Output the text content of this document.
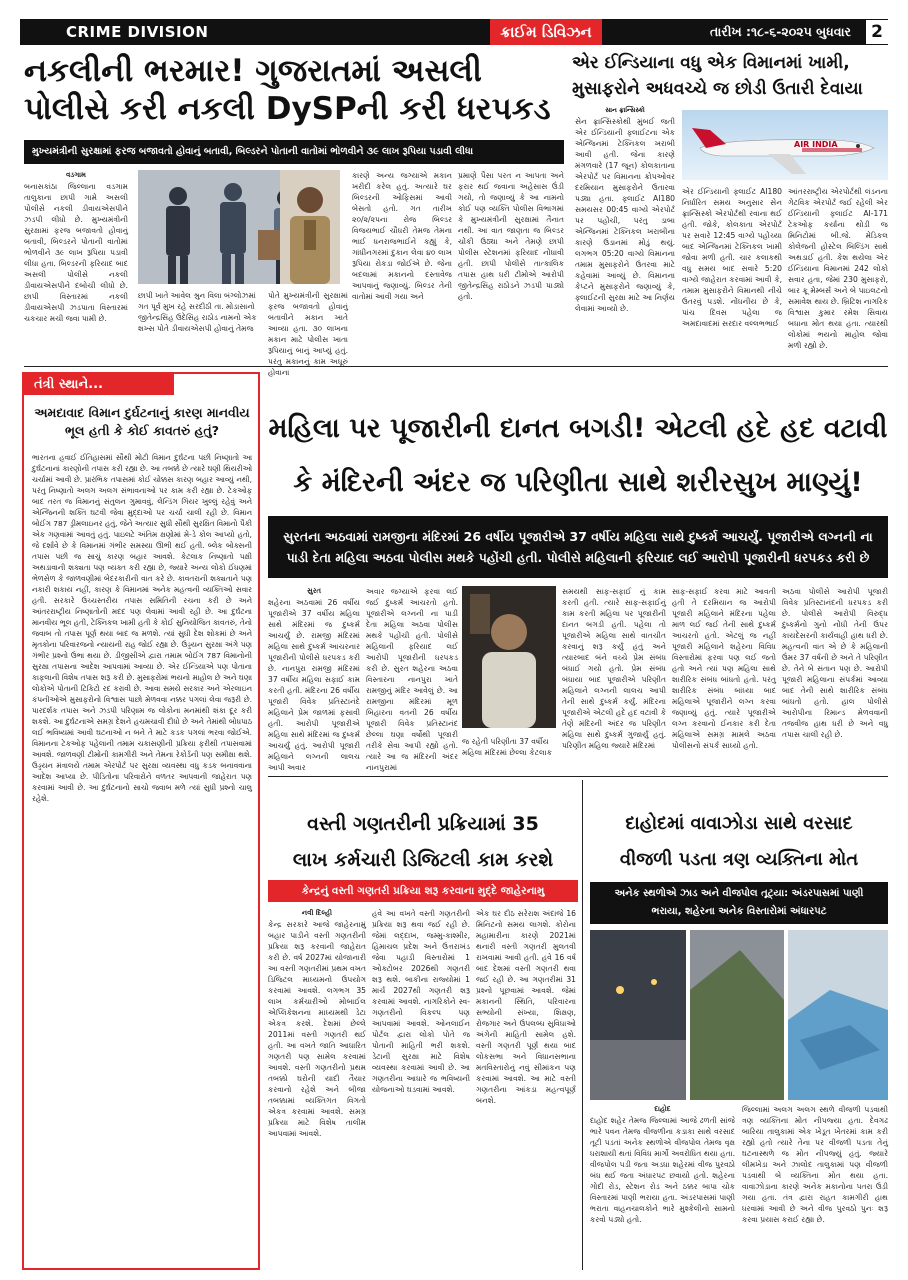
CRIME DIVISION	ક્રાઈમ ડિવિઝન	તારીખ :૧૮-૬-૨૦૨૫ બુધવાર 2
નકલીની ભરમાર! ગુજરાતમાં અસલી
પોલીસે કરી નકલી DySPની કરી ધરપકડ
મુખ્યમંત્રીની સુરક્ષામાં ફરજ બજાવતો હોવાનું બતાવી, બિલ્ડરને પોતાની વાતોમાં ભોળવીને ૩૯ લાખ રૂપિયા પડાવી લીધા
વડગામ
બનાસકાંઠા જિલ્લાના વડગામ તાલુકાના છાપી ગામે અસલી પોલીસે નકલી ડીવાયએસપીને ઝડપી લીધો છે. મુખ્યમંત્રીની સુરક્ષામાં ફરજ બજાવતો હોવાનું બતાવી, બિલ્ડરને પોતાની વાતોમાં ભોળવીને ૩૯ લાખ રૂપિયા પડાવી લીધા હતા. બિલ્ડરની ફરિયાદ બાદ અસલી પોલીસે નકલી ડીવાયએસપીને દબોચી લીધો છે. છાપી વિસ્તારમાં નકલી ડીવાયએસપી ઝડપાતા વિસ્તારમાં ચકચાર મચી જવા પામી છે.
છાપી ખાતે આવેલ શ્રુન વિલા બંગ્લોઝમાં ગત પૂર્વ મુખ રહે સરદીઠી તા. મોડાસાનો જીતેન્દ્રસિંહ ઉદેસિંહ રાઠોડ નામનો એક શખ્સ પોતે ડીવાયએસપી હોવાનું તેમજ
પોતે મુખ્યમંત્રીની સુરક્ષામાં ફરજ બજાવતો હોવાનું બતાવીને મકાન ખાતે આવ્યા હતા. ૩૦ લાખના મકાન માટે પોલીસ ખાતા રૂપિયાનું બાનું આપ્યું હતું. પરંતુ મકાનનું કામ અધૂરું હોવાના
કારણે અન્ય જગ્યાએ મકાન ખરીદી કરેલ હતું. અત્યારે ઘર બિલ્ડરની ઓફિસમાં આવી બેસતો હતો. ગત તારીખ ૨૦/૨/૨૫ના રોજ બિલ્ડર વિજયભાઈ ચૌધરી તેમજ તેમના ભાઈ ધનરાજભાઈને કહ્યું કે, ગાંધીનગરમાં દુકાન લેવા ૪૦ લાખ રૂપિયા રોકડા જોઈએ છે. જેના બદલામાં મકાનનો દસ્તાવેજ આપવાનું જણાવ્યું. બિલ્ડર તેની વાતોમાં આવી ગયા અને
પ્રમાણે પૈસા પરત ન આપતા અને ફરાર થઈ જવાના અહેસાસ ઉંડી ગયો, તો જણાવ્યું કે આ નામનો કોઈ પણ વ્યક્તિ પોલીસ વિભાગમાં કે મુખ્યમંત્રીની સુરક્ષામાં તૈનાત નથી. આ વાત જાણતા જ બિલ્ડર ચોંકી ઉઠ્યા અને તેમણે છાપી પોલીસ સ્ટેશનમાં ફરિયાદ નોંધાવી હતી. છાપી પોલીસે તાત્કાલિક તપાસ હાથ ધરી ટીમોએ આરોપી જીતેન્દ્રસિંહ રાઠોડને ઝડપી પાડ્યો હતો.
એર ઈન્ડિયાના વધુ એક વિમાનમાં ખામી, મુસાફરોને અધવચ્ચે જ છોડી ઉતારી દેવાયા
સાન ફ્રાન્સિસ્કો
સેન ફ્રાન્સિસ્કોથી મુંબઈ જતી એર ઈન્ડિયાની ફ્લાઈટના એક એન્જિનમાં ટેક્નિકલ ખરાબી આવી હતી. જેના કારણે મંગળવારે (17 જૂન) કોલકાતાના એરપોર્ટ પર વિમાનના ક્રોપઓવર દરમિયાન મુસાફરોને ઉતારવા પડ્યા હતા. ફ્લાઈટ AI180 સમયસર 00:45 વાગ્યે એરપોર્ટ પર પહોંચી, પરંતુ ડાબા એન્જિનમાં ટેક્નિકલ ખરાબીના કારણે ઉડાનમાં મોડું થયું. લગભગ 05:20 વાગ્યે વિમાનના તમામ મુસાફરોને ઉતરવા માટે કહેવામાં આવ્યું છે. વિમાનના કેપ્ટને મુસાફરોને જણાવ્યું કે, ફ્લાઈટની સુરક્ષા માટે આ નિર્ણય લેવામાં આવ્યો છે.
AIR INDIA
એર ઈન્ડિયાની ફ્લાઈટ AI180 નિર્ધારિત સમય અનુસાર સેન ફ્રાન્સિસ્કો એરપોર્ટથી રવાના થઈ હતી. જોકે, કોલકાતા એરપોર્ટ પર સવારે 12:45 વાગ્યે પહોંચ્યા બાદ એન્જિનમાં ટેક્નિકલ ખામી જોવા મળી હતી. ચાર કલાકથી વધુ સમય બાદ સવારે 5:20 વાગ્યે જાહેરાત કરવામાં આવી કે, તમામ મુસાફરોને વિમાનથી નીચે ઉતરવું પડશે. નોંધનીય છે કે, પાંચ દિવસ પહેલા જ અમદાવાદમાં સરદાર વલ્લભભાઈ
આંતરરાષ્ટ્રીય એરપોર્ટથી લંડનના ગેટવિક એરપોર્ટ જઈ રહેલી એર ઈન્ડિયાની ફ્લાઈટ AI-171 ટેકઓફ કર્યાના થોડી જ મિનિટોમાં બી.જે. મેડિકલ કોલેજની હોસ્ટેલ બિલ્ડિંગ સાથે અથડાઈ હતી. કેશ થયેલા એર ઈન્ડિયાના વિમાનમાં 242 લોકો સવાર હતા, જેમાં 230 મુસાફરો, બાર ક્રૂ મેમ્બર્સ અને બે પાઇલટનો સમાવેશ થાય છે. બ્રિટિશ નાગરિક વિશ્વાસ કુમાર રમેશ સિવાય બધાના મોત થયા હતા. ત્યારથી લોકોમાં ભયનો માહોલ જોવા મળી રહ્યો છે.
તંત્રી સ્થાને...
અમદાવાદ વિમાન દુર્ઘટનાનું કારણ માનવીય ભૂલ હતી કે કોઈ કાવતરું હતું?
ભારતના હવાઈ ઈતિહાસમાં સૌથી મોટી વિમાન દુર્ઘટના પછી નિષ્ણાતો આ દુર્ઘટનાનાં કારણોની તપાસ કરી રહ્યા છે. આ તબક્કે છે ત્યારે ઘણી થિયરીઓ ચર્ચામાં આવી છે. પ્રારંભિક તપાસમાં કોઈ ચોક્કસ કારણ બહાર આવ્યું નથી, પરંતુ નિષ્ણાતો અલગ અલગ સંભાવનાઓ પર કામ કરી રહ્યા છે. ટેકઓફ બાદ તરત જ વિમાનનું સંતુલન ગુમાવવું, લેન્ડિંગ ગિયર ખુલ્લું રહેવું અને એન્જિનની શક્તિ ઘટવી જેવા મુદ્દાઓ પર ચર્ચા ચાલી રહી છે. વિમાન બોઈંગ 787 ડ્રીમલાઇનર હતું, જેને અત્યાર સુધી સૌથી સુરક્ષિત વિમાનો પૈકી એક ગણવામાં આવતું હતું. પાઇલટે અંતિમ ક્ષણોમાં મે-ડે કોલ આપ્યો હતો, જે દર્શાવે છે કે વિમાનમાં ગંભીર સમસ્યા ઊભી થઈ હતી. બ્લેક બોક્સની તપાસ પછી જ સાચું કારણ બહાર આવશે. કેટલાક નિષ્ણાતો પક્ષી અથડાવાની શક્યતા પણ વ્યક્ત કરી રહ્યા છે, જ્યારે અન્ય લોકો ઈંધણમાં ભેળસેળ કે જાળવણીમાં બેદરકારીની વાત કરે છે. કાવતરાની શક્યતાને પણ નકારી શકાય નહીં, કારણ કે વિમાનમાં અનેક મહત્વની વ્યક્તિઓ સવાર હતી. સરકારે ઉચ્ચસ્તરીય તપાસ સમિતિની રચના કરી છે અને આંતરરાષ્ટ્રીય નિષ્ણાતોની મદદ પણ લેવામાં આવી રહી છે. આ દુર્ઘટના માનવીય ભૂલ હતી, ટેક્નિકલ ખામી હતી કે કોઈ સુનિયોજિત કાવતરું, તેનો જવાબ તો તપાસ પૂર્ણ થયા બાદ જ મળશે. ત્યાં સુધી દેશ શોકમાં છે અને મૃતકોના પરિવારજનો ન્યાયની રાહ જોઈ રહ્યા છે. ઉડ્ડયન સુરક્ષા અંગે પણ ગંભીર પ્રશ્નો ઉભા થયા છે. ડીજીસીએ દ્વારા તમામ બોઈંગ 787 વિમાનોની સુરક્ષા તપાસના આદેશ આપવામાં આવ્યા છે. એર ઈન્ડિયાએ પણ પોતાના કાફલાની વિશેષ તપાસ શરૂ કરી છે. મુસાફરોમાં ભયનો માહોલ છે અને ઘણા લોકોએ પોતાની ટિકિટો રદ કરાવી છે. આવા સમયે સરકાર અને એરલાઇન કંપનીઓએ મુસાફરોનો વિશ્વાસ પાછો મેળવવા નક્કર પગલાં લેવા જરૂરી છે. પારદર્શક તપાસ અને ઝડપી પરિણામ જ લોકોના મનમાંથી શંકા દૂર કરી શકશે. આ દુર્ઘટનાએ સમગ્ર દેશને હચમચાવી દીધો છે અને તેમાંથી બોધપાઠ લઈ ભવિષ્યમાં આવી ઘટનાઓ ન બને તે માટે કડક પગલાં ભરવા જોઈએ. વિમાનના ટેકઓફ પહેલાની તમામ ચકાસણીની પ્રક્રિયા ફરીથી તપાસવામાં આવશે. જાળવણી ટીમોની કામગીરી અને તેમના રેકોર્ડની પણ સમીક્ષા થશે. ઉડ્ડયન મંત્રાલયે તમામ એરપોર્ટ પર સુરક્ષા વ્યવસ્થા વધુ કડક બનાવવાના આદેશ આપ્યા છે. પીડિતોના પરિવારોને વળતર આપવાની જાહેરાત પણ કરવામાં આવી છે. આ દુર્ઘટનાનો સાચો જવાબ મળે ત્યાં સુધી પ્રશ્નો ચાલુ રહેશે.
મહિલા પર પૂજારીની દાનત બગડી! એટલી હદે હદ વટાવી
કે મંદિરની અંદર જ પરિણીતા સાથે શરીરસુખ માણ્યું!
સુરતના અઠવામાં રામજીના મંદિરમાં 26 વર્ષીય પૂજારીએ 37 વર્ષીય મહિલા સાથે દુષ્કર્મ આચર્યું. પૂજારીએ લગ્નની ના પાડી દેતા મહિલા અઠવા પોલીસ મથકે પહોંચી હતી. પોલીસે મહિલાની ફરિયાદ લઈ આરોપી પૂજારીની ધરપકડ કરી છે
સુરત
શહેરના અઠવામાં 26 વર્ષીય પૂજારીએ 37 વર્ષીય મહિલા સાથે મંદિરમાં જ દુષ્કર્મ આચર્યું છે. રામજી મંદિરમાં મહિલા સાથે દુષ્કર્મ આચરનાર પૂજારીની પોલીસે ધરપકડ કરી છે. નાનપુરા રામજી મંદિરમાં 37 વર્ષીય મહિલા સફાઈ કામ કરતી હતી. મંદિરના 26 વર્ષીય પૂજારી વિવેક પ્રતિસ્ટાનંદે મહિલાને પ્રેમ જાળમાં ફસાવી હતી. આરોપી પૂજારીએ મહિલા સાથે મંદિરમાં જ દુષ્કર્મ આચર્યું હતું. આરોપી પૂજારી મહિલાને લગ્નની લાલચ આપી અવાર
અવાર જગ્યાએ ફરવા લઈ જઈ દુષ્કર્મ આચરતો હતો. પૂજારીએ લગ્નની ના પાડી દેતા મહિલા અઠવા પોલીસ મથકે પહોંચી હતી. પોલીસે મહિલાની ફરિયાદ લઈ આરોપી પૂજારીની ધરપકડ કરી છે. સુરત શહેરના અઠવા વિસ્તારના નાનપુરા ખાતે રામજીનું મંદિર આવેલું છે. આ રામજીના મંદિરમાં મૂળ બિહારના વતની 26 વર્ષીય પૂજારી વિવેક પ્રતિસ્ટાનંદ છેલ્લા ઘણા વર્ષોથી પૂજારી તરીકે સેવા આપી રહ્યો હતો. ત્યારે આ જ મંદિરની અંદર નાનપુરામાં
જ રહેતી પરિણીતા 37 વર્ષીય મહિલા મંદિરમાં છેલ્લા કેટલાક
સમયથી સાફ-સફાઈ નું કામ કરતી હતી. ત્યારે સાફ-સફાઈનું કામ કરતી મહિલા પર પૂજારીની દાનત બગડી હતી. પહેલા તો પૂજારીએ મહિલા સાથે વાતચીત કરવાનું શરૂ કર્યું હતું અને ત્યારબાદ બંને વચ્ચે પ્રેમ સંબંધ બંધાઈ ગયો હતો. પ્રેમ સંબંધ બંધાયા બાદ પૂજારીએ પરિણીત મહિલાને લગ્નની લાલચ આપી તેની સાથે દુષ્કર્મ કર્યું. મંદિરના પૂજારીએ એટલી હદે હદ વટાવી કે તેણે મંદિરની અંદર જ પરિણીત મહિલા સાથે દુષ્કર્મ ગુજાર્યું હતું. પરિણીત મહિલા જ્યારે મંદિરમાં
સાફ-સફાઈ કરવા માટે આવતી હતી તે દરમિયાન જ આરોપી પૂજારી મહિલાને મંદિરના પહેલા માળ લઈ જઈ તેની સાથે દુષ્કર્મ આચરતો હતો. એટલું જ નહીં પૂજારી મહિલાને શહેરના વિવિધ વિસ્તારોમાં ફરવા પણ લઈ જતો હતો અને ત્યાં પણ મહિલા સાથે શારીરિક સંબંધ બાંધતો હતો. પરંતુ શારીરિક સંબંધ બાંધ્યા બાદ મહિલાએ પૂજારીને લગ્ન કરવા જણાવ્યું હતું. ત્યારે પૂજારીએ લગ્ન કરવાનો ઈનકાર કરી દેતા મહિલાએ સમગ્ર મામલે અઠવા પોલીસનો સંપર્ક સાધ્યો હતો.
અઠવા પોલીસે આરોપી પૂજારી વિવેક પ્રતિસ્ટાનંદની ધરપકડ કરી છે. પોલીસે આરોપી વિરુદ્ધ દુષ્કર્મનો ગુનો નોંધી તેની ઉપર કાયદેસરની કાર્યવાહી હાથ ધરી છે. મહત્વની વાત એ છે કે મહિલાની ઉંમર 37 વર્ષની છે અને તે પરિણીત છે. તેને બે સંતાન પણ છે. આરોપી પૂજારી મહિલાના સંપર્કમાં આવ્યા બાદ તેની સાથે શારીરિક સંબંધ બાંધતો હતો. હાલ પોલીસે આરોપીના રિમાન્ડ મેળવવાની તજવીજ હાથ ધરી છે અને વધુ તપાસ ચાલી રહી છે.
વસ્તી ગણતરીની પ્રક્રિયામાં 35
લાખ કર્મચારી ડિજિટલી કામ કરશે
કેન્દ્રનું વસ્તી ગણતરી પ્રક્રિયા શરૂ કરવાના મુદ્દે જાહેરનામુ
નવી દિલ્હી
કેન્દ્ર સરકારે આજે જાહેરનામું બહાર પાડીને વસ્તી ગણતરીની પ્રક્રિયા શરૂ કરવાની જાહેરાત કરી છે. વર્ષ 2027માં યોજાનારી આ વસ્તી ગણતરીમાં પ્રથમ વખત ડિજિટલ માધ્યમનો ઉપયોગ કરવામાં આવશે. લગભગ 35 લાખ કર્મચારીઓ મોબાઈલ એપ્લિકેશનના માધ્યમથી ડેટા એકત્ર કરશે. દેશમાં છેલ્લે 2011માં વસ્તી ગણતરી થઈ હતી. આ વખતે જાતિ આધારિત ગણતરી પણ સામેલ કરવામાં આવશે. વસ્તી ગણતરીનો પ્રથમ તબક્કો ઘરોની યાદી તૈયાર કરવાનો રહેશે અને બીજા તબક્કામાં વ્યક્તિગત વિગતો એકત્ર કરવામાં આવશે. સમગ્ર પ્રક્રિયા માટે વિશેષ તાલીમ આપવામાં આવશે.
હવે આ વખતે વસ્તી ગણતરીની પ્રક્રિયા શરૂ થવા જઈ રહી છે. જેમાં લદ્દાખ, જમ્મુ-કાશ્મીર, હિમાચલ પ્રદેશ અને ઉત્તરાખંડ જેવા પહાડી વિસ્તારોમાં 1 ઓક્ટોબર 2026થી ગણતરી શરૂ થશે. બાકીના રાજ્યોમાં 1 માર્ચ 2027થી ગણતરી શરૂ કરવામાં આવશે. નાગરિકોને સ્વ-ગણતરીનો વિકલ્પ પણ આપવામાં આવશે. ઓનલાઈન પોર્ટલ દ્વારા લોકો પોતે જ પોતાની માહિતી ભરી શકશે. ડેટાની સુરક્ષા માટે વિશેષ વ્યવસ્થા કરવામાં આવી છે. આ ગણતરીના આધારે જ ભવિષ્યની યોજનાઓ ઘડવામાં આવશે.
એક ઘર દીઠ સરેરાશ અંદાજે 16 મિનિટનો સમય લાગશે. કોરોના મહામારીના કારણે 2021માં થનારી વસ્તી ગણતરી મુલતવી રાખવામાં આવી હતી. હવે 16 વર્ષ બાદ દેશમાં વસ્તી ગણતરી થવા જઈ રહી છે. આ ગણતરીમાં 31 પ્રશ્નો પૂછવામાં આવશે. જેમાં મકાનની સ્થિતિ, પરિવારના સભ્યોની સંખ્યા, શિક્ષણ, રોજગાર અને ઉપલબ્ધ સુવિધાઓ અંગેની માહિતી સામેલ હશે. વસ્તી ગણતરી પૂર્ણ થયા બાદ લોકસભા અને વિધાનસભાના મતવિસ્તારોનું નવું સીમાંકન પણ કરવામાં આવશે. આ માટે વસ્તી ગણતરીના આંકડા મહત્વપૂર્ણ બનશે.
દાહોદમાં વાવાઝોડા સાથે વરસાદ
વીજળી પડતા ત્રણ વ્યક્તિના મોત
અનેક સ્થળોએ ઝાડ અને વીજપોલ તૂટ્યા: અંડરપાસમાં પાણી ભરાયા, શહેરના અનેક વિસ્તારોમાં અંધારપટ
દાહોદ
દાહોદ શહેર તેમજ જિલ્લામાં આજે ઢળતી સાંજે ભારે પવન તેમજ વીજળીના કડાકા સાથે વરસાદ તૂટી પડતાં અનેક સ્થળોએ વીજપોલ તેમજ વૃક્ષ ધરાશાયી થતાં વિવિધ માર્ગો અવરોધિત થયા હતા. વીજપોલ પડી જતા અડધા શહેરમાં વીજ પુરવઠો બંધ થઈ જતા અંધારપટ છવાયો હતો. શહેરના ગોદી રોડ, સ્ટેશન રોડ અને ઠક્કર બાપા ચોક વિસ્તારમાં પાણી ભરાયા હતા. અંડરપાસમાં પાણી ભરાતા વાહનચાલકોને ભારે મુશ્કેલીનો સામનો કરવો પડ્યો હતો.
જિલ્લામાં અલગ અલગ સ્થળે વીજળી પડવાથી ત્રણ વ્યક્તિના મોત નીપજ્યા હતા. દેવગઢ બારિયા તાલુકામાં એક ખેડૂત ખેતરમાં કામ કરી રહ્યો હતો ત્યારે તેના પર વીજળી પડતા તેનું ઘટનાસ્થળે જ મોત નીપજ્યું હતું. જ્યારે લીમખેડા અને ઝાલોદ તાલુકામાં પણ વીજળી પડવાથી બે વ્યક્તિના મોત થયા હતા. વાવાઝોડાના કારણે અનેક મકાનોના પતરા ઉડી ગયા હતા. તંત્ર દ્વારા રાહત કામગીરી હાથ ધરવામાં આવી છે અને વીજ પુરવઠો પુનઃ શરૂ કરવા પ્રયાસ કરાઈ રહ્યા છે.
